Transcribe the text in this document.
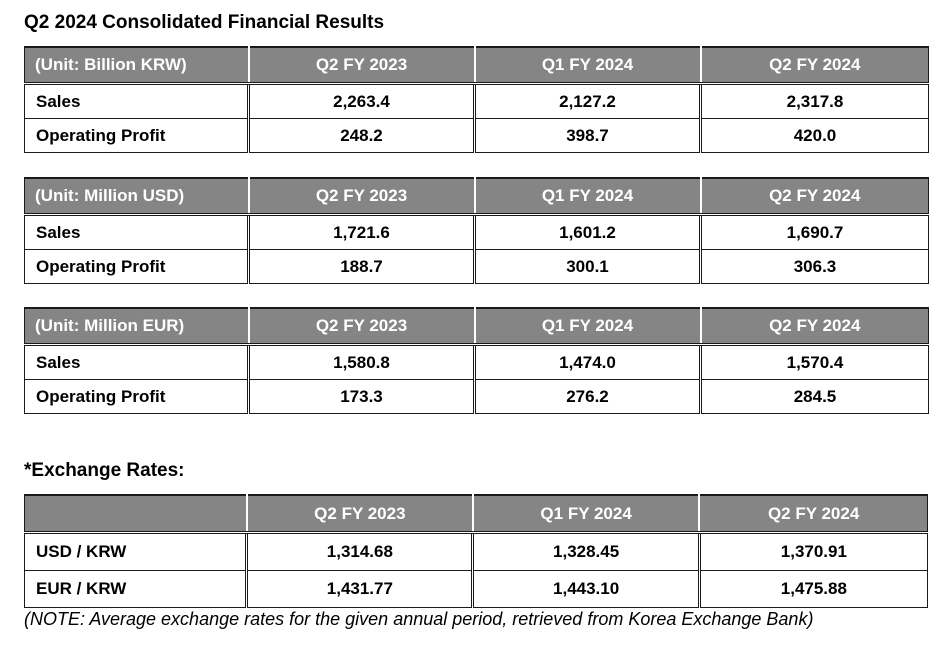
Q2 2024 Consolidated Financial Results
(Unit: Billion KRW)	Q2 FY 2023	Q1 FY 2024	Q2 FY 2024
Sales	2,263.4	2,127.2	2,317.8
Operating Profit	248.2	398.7	420.0
(Unit: Million USD)	Q2 FY 2023	Q1 FY 2024	Q2 FY 2024
Sales	1,721.6	1,601.2	1,690.7
Operating Profit	188.7	300.1	306.3
(Unit: Million EUR)	Q2 FY 2023	Q1 FY 2024	Q2 FY 2024
Sales	1,580.8	1,474.0	1,570.4
Operating Profit	173.3	276.2	284.5
*Exchange Rates:
	Q2 FY 2023	Q1 FY 2024	Q2 FY 2024
USD / KRW	1,314.68	1,328.45	1,370.91
EUR / KRW	1,431.77	1,443.10	1,475.88
(NOTE: Average exchange rates for the given annual period, retrieved from Korea Exchange Bank)
